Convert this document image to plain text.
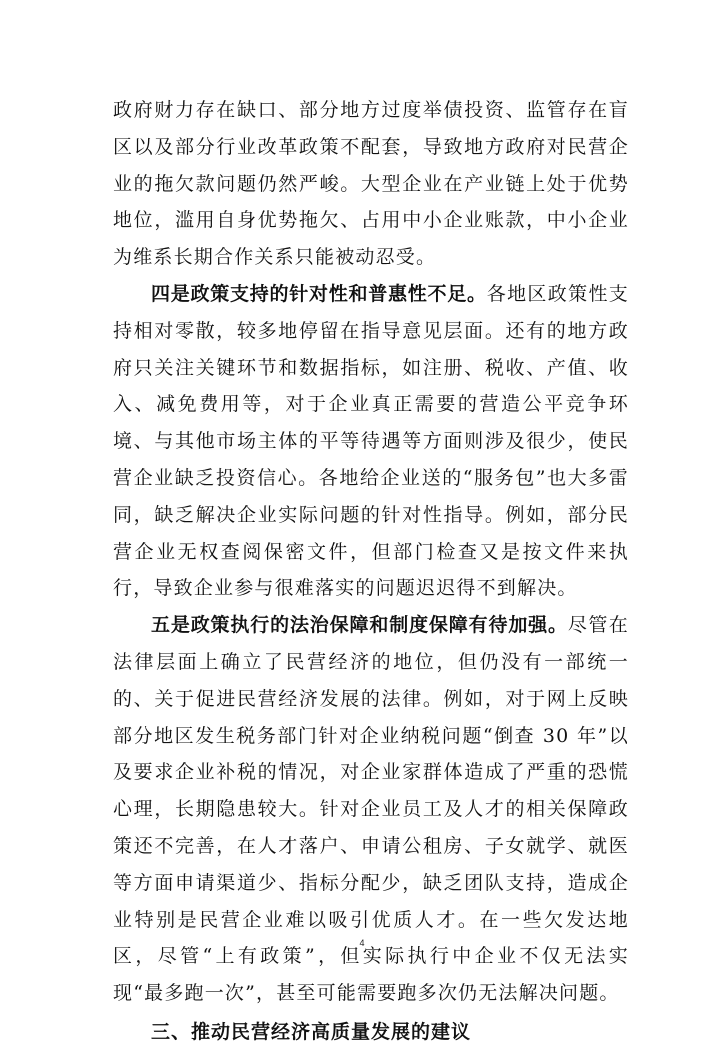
政府财力存在缺口、部分地方过度举债投资、监管存在盲区以及部分行业改革政策不配套，导致地方政府对民营企业的拖欠款问题仍然严峻。大型企业在产业链上处于优势地位，滥用自身优势拖欠、占用中小企业账款，中小企业为维系长期合作关系只能被动忍受。

四是政策支持的针对性和普惠性不足。各地区政策性支持相对零散，较多地停留在指导意见层面。还有的地方政府只关注关键环节和数据指标，如注册、税收、产值、收入、减免费用等，对于企业真正需要的营造公平竞争环境、与其他市场主体的平等待遇等方面则涉及很少，使民营企业缺乏投资信心。各地给企业送的“服务包”也大多雷同，缺乏解决企业实际问题的针对性指导。例如，部分民营企业无权查阅保密文件，但部门检查又是按文件来执行，导致企业参与很难落实的问题迟迟得不到解决。

五是政策执行的法治保障和制度保障有待加强。尽管在法律层面上确立了民营经济的地位，但仍没有一部统一的、关于促进民营经济发展的法律。例如，对于网上反映部分地区发生税务部门针对企业纳税问题“倒查 30 年”以及要求企业补税的情况，对企业家群体造成了严重的恐慌心理，长期隐患较大。针对企业员工及人才的相关保障政策还不完善，在人才落户、申请公租房、子女就学、就医等方面申请渠道少、指标分配少，缺乏团队支持，造成企业特别是民营企业难以吸引优质人才。在一些欠发达地区，尽管“上有政策”，但实际执行中企业不仅无法实现“最多跑一次”，甚至可能需要跑多次仍无法解决问题。

三、推动民营经济高质量发展的建议
4
